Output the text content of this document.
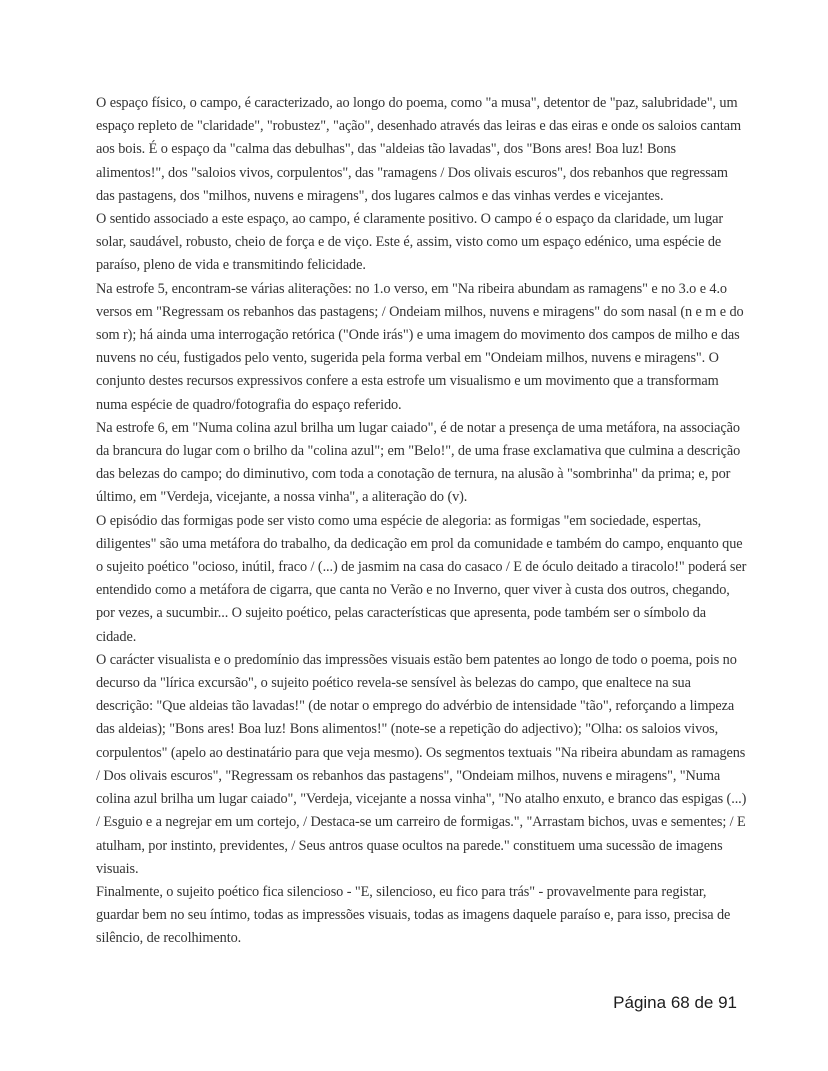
O espaço físico, o campo, é caracterizado, ao longo do poema, como "a musa", detentor de "paz, salubridade", um espaço repleto de "claridade", "robustez", "ação", desenhado através das leiras e das eiras e onde os saloios cantam aos bois. É o espaço da "calma das debulhas", das "aldeias tão lavadas", dos "Bons ares! Boa luz! Bons alimentos!", dos "saloios vivos, corpulentos", das "ramagens / Dos olivais escuros", dos rebanhos que regressam das pastagens, dos "milhos, nuvens e miragens", dos lugares calmos e das vinhas verdes e vicejantes.

O sentido associado a este espaço, ao campo, é claramente positivo. O campo é o espaço da claridade, um lugar solar, saudável, robusto, cheio de força e de viço. Este é, assim, visto como um espaço edénico, uma espécie de paraíso, pleno de vida e transmitindo felicidade.

Na estrofe 5, encontram-se várias aliterações: no 1.o verso, em "Na ribeira abundam as ramagens" e no 3.o e 4.o versos em "Regressam os rebanhos das pastagens; / Ondeiam milhos, nuvens e miragens" do som nasal (n e m e do som r); há ainda uma interrogação retórica ("Onde irás") e uma imagem do movimento dos campos de milho e das nuvens no céu, fustigados pelo vento, sugerida pela forma verbal em "Ondeiam milhos, nuvens e miragens". O conjunto destes recursos expressivos confere a esta estrofe um visualismo e um movimento que a transformam numa espécie de quadro/fotografia do espaço referido.

Na estrofe 6, em "Numa colina azul brilha um lugar caiado", é de notar a presença de uma metáfora, na associação da brancura do lugar com o brilho da "colina azul"; em "Belo!", de uma frase exclamativa que culmina a descrição das belezas do campo; do diminutivo, com toda a conotação de ternura, na alusão à "sombrinha" da prima; e, por último, em "Verdeja, vicejante, a nossa vinha", a aliteração do (v).

O episódio das formigas pode ser visto como uma espécie de alegoria: as formigas "em sociedade, espertas, diligentes" são uma metáfora do trabalho, da dedicação em prol da comunidade e também do campo, enquanto que o sujeito poético "ocioso, inútil, fraco / (...) de jasmim na casa do casaco / E de óculo deitado a tiracolo!" poderá ser entendido como a metáfora de cigarra, que canta no Verão e no Inverno, quer viver à custa dos outros, chegando, por vezes, a sucumbir... O sujeito poético, pelas características que apresenta, pode também ser o símbolo da cidade.

O carácter visualista e o predomínio das impressões visuais estão bem patentes ao longo de todo o poema, pois no decurso da "lírica excursão", o sujeito poético revela-se sensível às belezas do campo, que enaltece na sua descrição: "Que aldeias tão lavadas!" (de notar o emprego do advérbio de intensidade "tão", reforçando a limpeza das aldeias); "Bons ares! Boa luz! Bons alimentos!" (note-se a repetição do adjectivo); "Olha: os saloios vivos, corpulentos" (apelo ao destinatário para que veja mesmo). Os segmentos textuais "Na ribeira abundam as ramagens / Dos olivais escuros", "Regressam os rebanhos das pastagens", "Ondeiam milhos, nuvens e miragens", "Numa colina azul brilha um lugar caiado", "Verdeja, vicejante a nossa vinha", "No atalho enxuto, e branco das espigas (...) / Esguio e a negrejar em um cortejo, / Destaca-se um carreiro de formigas.", "Arrastam bichos, uvas e sementes; / E atulham, por instinto, previdentes, / Seus antros quase ocultos na parede." constituem uma sucessão de imagens visuais.

Finalmente, o sujeito poético fica silencioso - "E, silencioso, eu fico para trás" - provavelmente para registar, guardar bem no seu íntimo, todas as impressões visuais, todas as imagens daquele paraíso e, para isso, precisa de silêncio, de recolhimento.

Página 68 de 91
